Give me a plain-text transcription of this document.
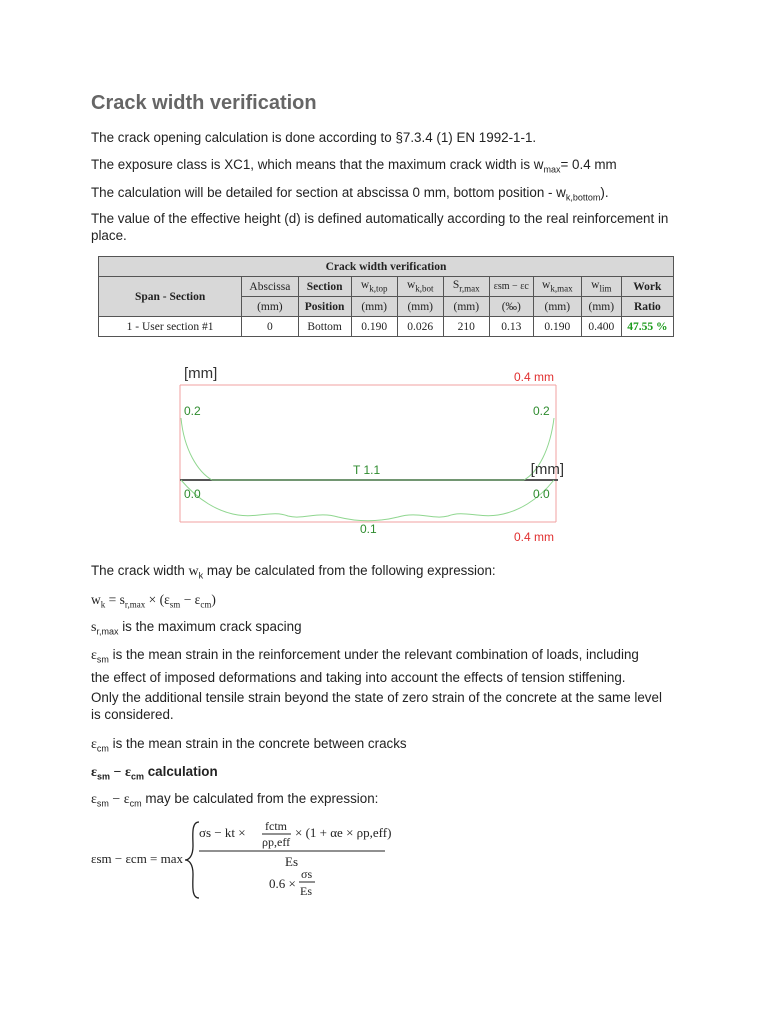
Crack width verification
The crack opening calculation is done according to §7.3.4 (1) EN 1992-1-1.
The exposure class is XC1, which means that the maximum crack width is $w_{max}= 0.4$ mm
The calculation will be detailed for section at abscissa 0 mm, bottom position - $w_{k,bottom}$).
The value of the effective height (d) is defined automatically according to the real reinforcement in place.
Crack width verification									
Span - Section	Abscissa	Section	$w_{k,top}$	$w_{k,bot}$	$S_{r,max}$	εsm − εc	$w_{k,max}$	$w_{lim}$	Work
	(mm)	Position	(mm)	(mm)	(mm)	(‰)	(mm)	(mm)	Ratio
1 - User section #1	0	Bottom	0.190	0.026	210	0.13	0.190	0.400	47.55 %
[mm]
[mm]
0.4 mm
0.4 mm
0.2	0.2
0.0	0.0
0.1
T 1.1
The crack width $w_k$ may be calculated from the following expression:
$w_k = s_{r,max} \times (\varepsilon_{sm} - \varepsilon_{cm})$
$s_{r,max}$ is the maximum crack spacing
$\varepsilon_{sm}$ is the mean strain in the reinforcement under the relevant combination of loads, including the effect of imposed deformations and taking into account the effects of tension stiffening.
Only the additional tensile strain beyond the state of zero strain of the concrete at the same level is considered.
$\varepsilon_{cm}$ is the mean strain in the concrete between cracks
$\varepsilon_{sm} - \varepsilon_{cm}$ calculation
$\varepsilon_{sm} - \varepsilon_{cm}$ may be calculated from the expression:
εsm − εcm = max
σs − kt × fctm
ρp,eff
× (1 + αe × ρp,eff)
Es
0.6 ×
σs
Es
